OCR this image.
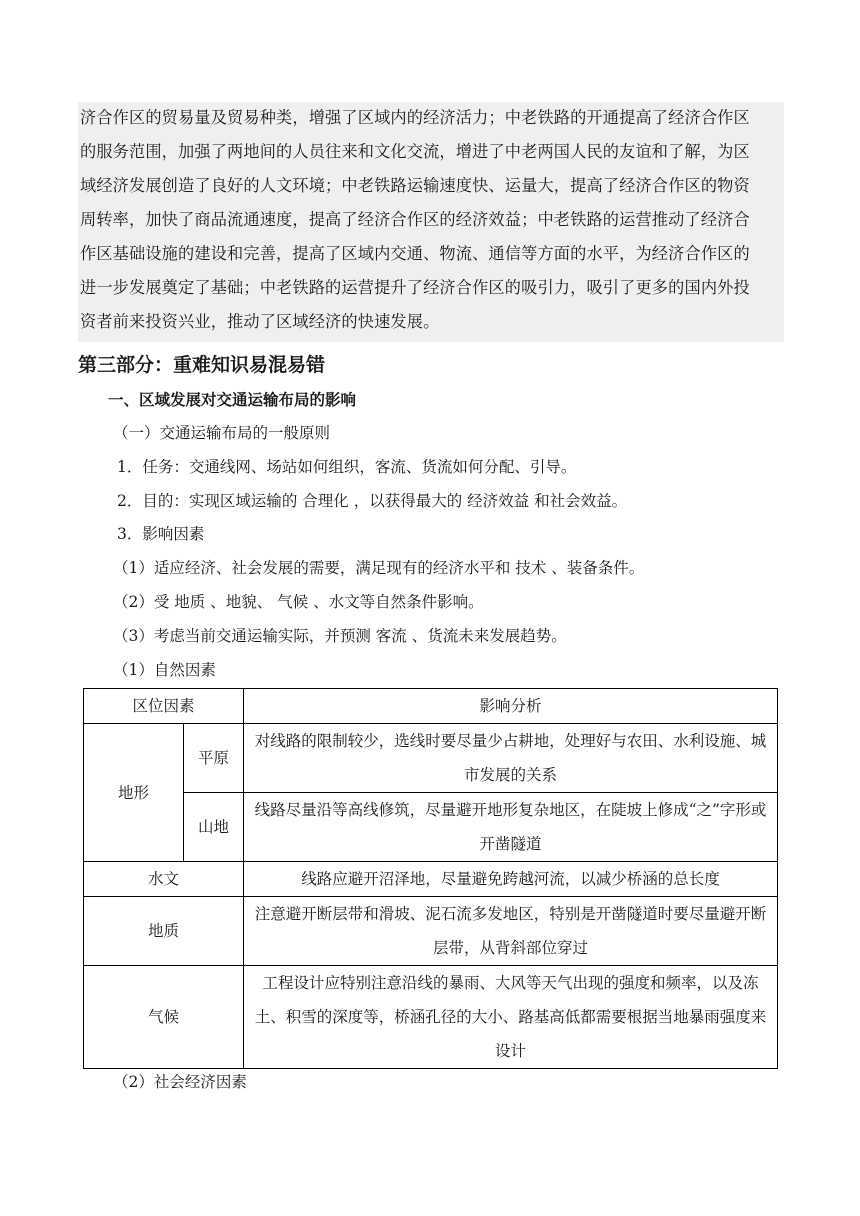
济合作区的贸易量及贸易种类，增强了区域内的经济活力；中老铁路的开通提高了经济合作区
的服务范围，加强了两地间的人员往来和文化交流，增进了中老两国人民的友谊和了解，为区
域经济发展创造了良好的人文环境；中老铁路运输速度快、运量大，提高了经济合作区的物资
周转率，加快了商品流通速度，提高了经济合作区的经济效益；中老铁路的运营推动了经济合
作区基础设施的建设和完善，提高了区域内交通、物流、通信等方面的水平，为经济合作区的
进一步发展奠定了基础；中老铁路的运营提升了经济合作区的吸引力，吸引了更多的国内外投
资者前来投资兴业，推动了区域经济的快速发展。
第三部分：重难知识易混易错
一、区域发展对交通运输布局的影响
（一）交通运输布局的一般原则
1．任务：交通线网、场站如何组织，客流、货流如何分配、引导。
2．目的：实现区域运输的 合理化 ，以获得最大的 经济效益 和社会效益。
3．影响因素
（1）适应经济、社会发展的需要，满足现有的经济水平和 技术 、装备条件。
（2）受 地质 、地貌、 气候 、水文等自然条件影响。
（3）考虑当前交通运输实际，并预测 客流 、货流未来发展趋势。
（1）自然因素
区位因素		影响分析
地形	平原	对线路的限制较少，选线时要尽量少占耕地，处理好与农田、水利设施、城市发展的关系
	山地	线路尽量沿等高线修筑，尽量避开地形复杂地区，在陡坡上修成“之”字形或开凿隧道
水文		线路应避开沼泽地，尽量避免跨越河流，以减少桥涵的总长度
地质		注意避开断层带和滑坡、泥石流多发地区，特别是开凿隧道时要尽量避开断层带，从背斜部位穿过
气候		工程设计应特别注意沿线的暴雨、大风等天气出现的强度和频率，以及冻土、积雪的深度等，桥涵孔径的大小、路基高低都需要根据当地暴雨强度来设计
（2）社会经济因素
